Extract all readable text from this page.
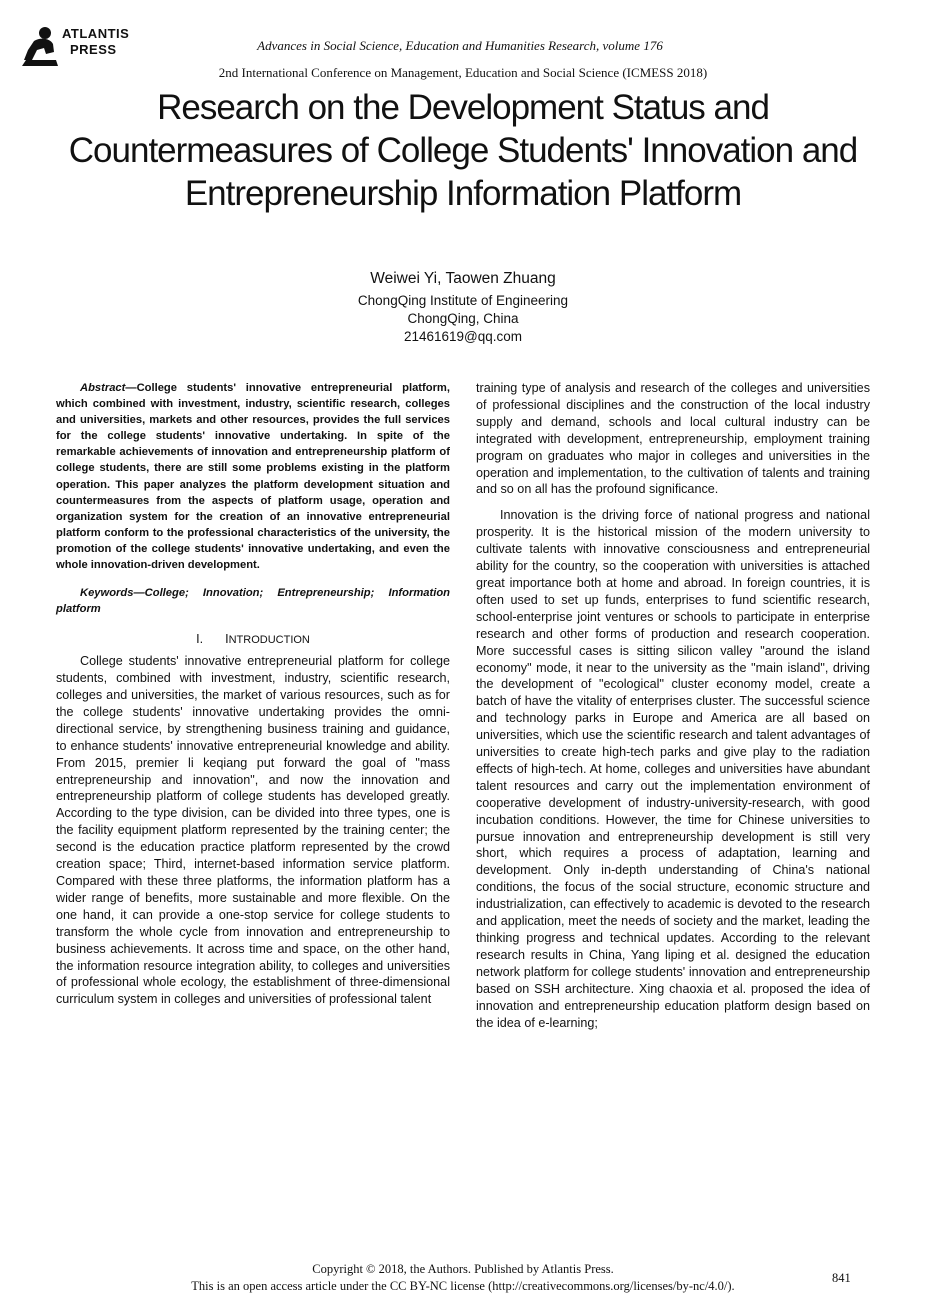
ATLANTIS
PRESS	Advances in Social Science, Education and Humanities Research, volume 176
2nd International Conference on Management, Education and Social Science (ICMESS 2018)
Research on the Development Status and
Countermeasures of College Students' Innovation and
Entrepreneurship Information Platform
Weiwei Yi, Taowen Zhuang
ChongQing Institute of Engineering
ChongQing, China
21461619@qq.com

Abstract—College students' innovative entrepreneurial platform, which combined with investment, industry, scientific research, colleges and universities, markets and other resources, provides the full services for the college students' innovative undertaking. In spite of the remarkable achievements of innovation and entrepreneurship platform of college students, there are still some problems existing in the platform operation. This paper analyzes the platform development situation and countermeasures from the aspects of platform usage, operation and organization system for the creation of an innovative entrepreneurial platform conform to the professional characteristics of the university, the promotion of the college students' innovative undertaking, and even the whole innovation-driven development.

Keywords—College; Innovation; Entrepreneurship; Information platform

I. INTRODUCTION

College students' innovative entrepreneurial platform for college students, combined with investment, industry, scientific research, colleges and universities, the market of various resources, such as for the college students' innovative undertaking provides the omni-directional service, by strengthening business training and guidance, to enhance students' innovative entrepreneurial knowledge and ability. From 2015, premier li keqiang put forward the goal of "mass entrepreneurship and innovation", and now the innovation and entrepreneurship platform of college students has developed greatly. According to the type division, can be divided into three types, one is the facility equipment platform represented by the training center; the second is the education practice platform represented by the crowd creation space; Third, internet-based information service platform. Compared with these three platforms, the information platform has a wider range of benefits, more sustainable and more flexible. On the one hand, it can provide a one-stop service for college students to transform the whole cycle from innovation and entrepreneurship to business achievements. It across time and space, on the other hand, the information resource integration ability, to colleges and universities of professional whole ecology, the establishment of three-dimensional curriculum system in colleges and universities of professional talent

training type of analysis and research of the colleges and universities of professional disciplines and the construction of the local industry supply and demand, schools and local cultural industry can be integrated with development, entrepreneurship, employment training program on graduates who major in colleges and universities in the operation and implementation, to the cultivation of talents and training and so on all has the profound significance.

Innovation is the driving force of national progress and national prosperity. It is the historical mission of the modern university to cultivate talents with innovative consciousness and entrepreneurial ability for the country, so the cooperation with universities is attached great importance both at home and abroad. In foreign countries, it is often used to set up funds, enterprises to fund scientific research, school-enterprise joint ventures or schools to participate in enterprise research and other forms of production and research cooperation. More successful cases is sitting silicon valley "around the island economy" mode, it near to the university as the "main island", driving the development of "ecological" cluster economy model, create a batch of have the vitality of enterprises cluster. The successful science and technology parks in Europe and America are all based on universities, which use the scientific research and talent advantages of universities to create high-tech parks and give play to the radiation effects of high-tech. At home, colleges and universities have abundant talent resources and carry out the implementation environment of cooperative development of industry-university-research, with good incubation conditions. However, the time for Chinese universities to pursue innovation and entrepreneurship development is still very short, which requires a process of adaptation, learning and development. Only in-depth understanding of China's national conditions, the focus of the social structure, economic structure and industrialization, can effectively to academic is devoted to the research and application, meet the needs of society and the market, leading the thinking progress and technical updates. According to the relevant research results in China, Yang liping et al. designed the education network platform for college students' innovation and entrepreneurship based on SSH architecture. Xing chaoxia et al. proposed the idea of innovation and entrepreneurship education platform design based on the idea of e-learning;

Copyright © 2018, the Authors. Published by Atlantis Press.
This is an open access article under the CC BY-NC license (http://creativecommons.org/licenses/by-nc/4.0/).
841
